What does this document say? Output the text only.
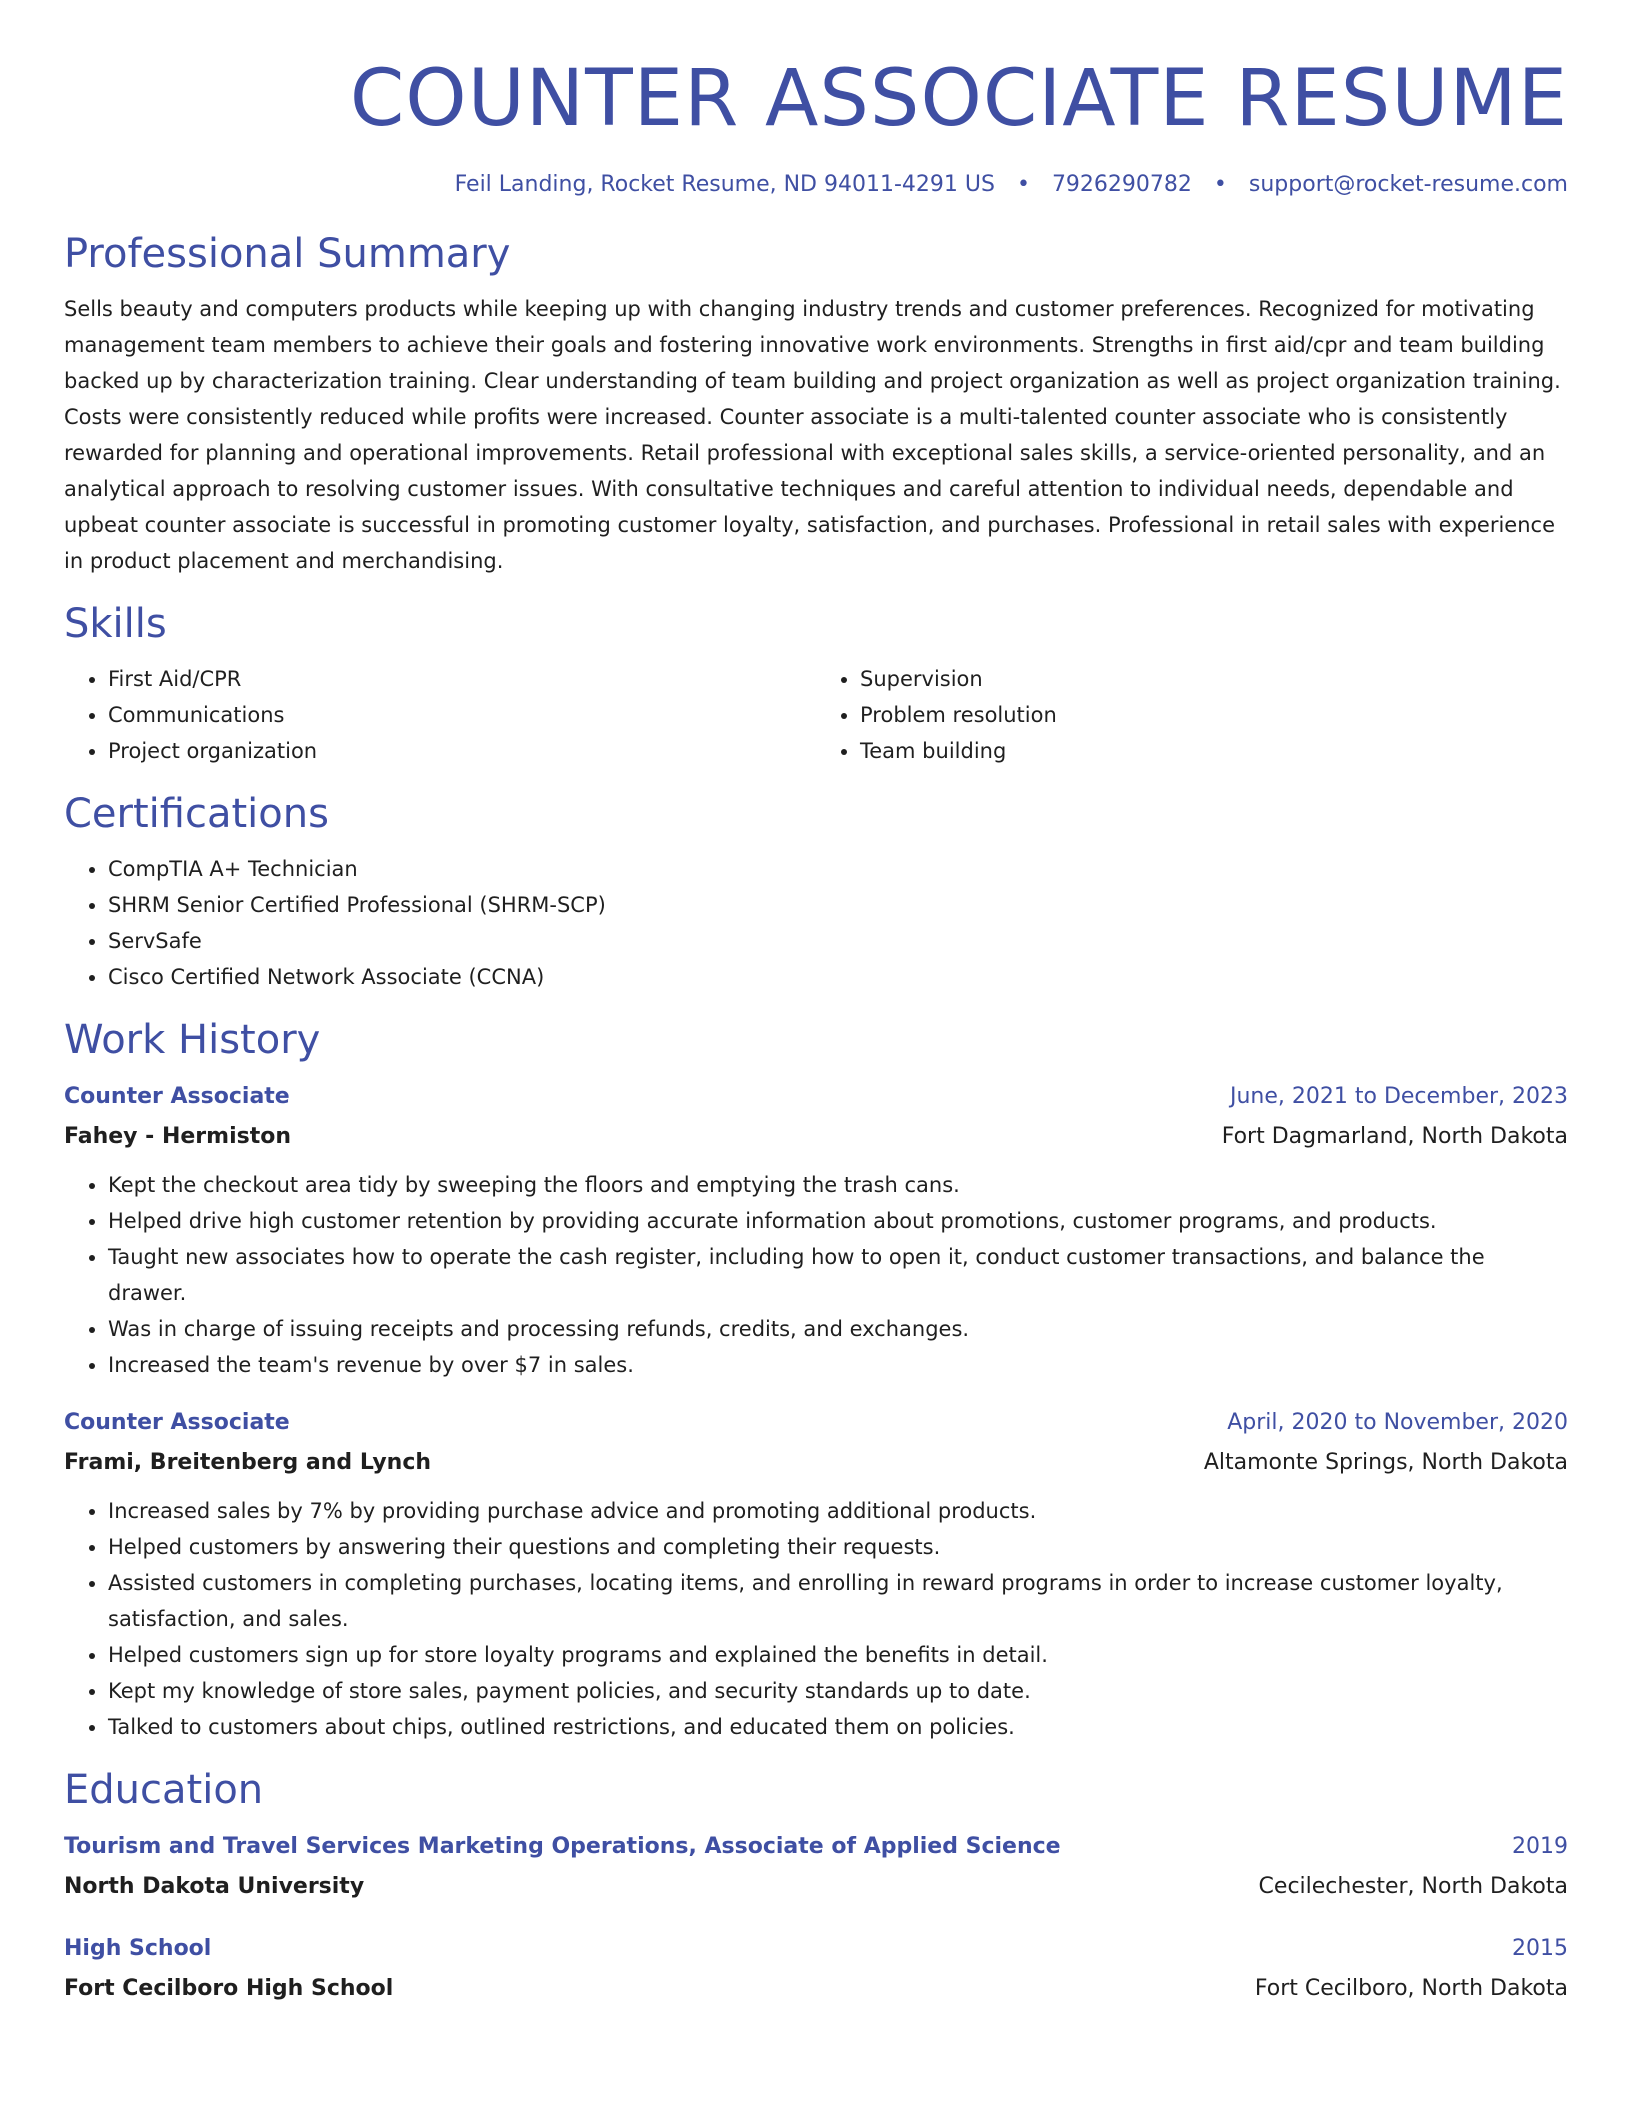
COUNTER ASSOCIATE RESUME
Feil Landing, Rocket Resume, ND 94011-4291 US • 7926290782 • support@rocket-resume.com
Professional Summary

Sells beauty and computers products while keeping up with changing industry trends and customer preferences. Recognized for motivating management team members to achieve their goals and fostering innovative work environments. Strengths in first aid/cpr and team building backed up by characterization training. Clear understanding of team building and project organization as well as project organization training. Costs were consistently reduced while profits were increased. Counter associate is a multi-talented counter associate who is consistently rewarded for planning and operational improvements. Retail professional with exceptional sales skills, a service-oriented personality, and an analytical approach to resolving customer issues. With consultative techniques and careful attention to individual needs, dependable and upbeat counter associate is successful in promoting customer loyalty, satisfaction, and purchases. Professional in retail sales with experience in product placement and merchandising.

Skills
• First Aid/CPR
• Communications
• Project organization
• Supervision
• Problem resolution
• Team building
Certifications
• CompTIA A+ Technician
• SHRM Senior Certified Professional (SHRM-SCP)
• ServSafe
• Cisco Certified Network Associate (CCNA)
Work History
Counter Associate	June, 2021 to December, 2023
Fahey - Hermiston	Fort Dagmarland, North Dakota
• Kept the checkout area tidy by sweeping the floors and emptying the trash cans.
• Helped drive high customer retention by providing accurate information about promotions, customer programs, and products.
• Taught new associates how to operate the cash register, including how to open it, conduct customer transactions, and balance the drawer.
• Was in charge of issuing receipts and processing refunds, credits, and exchanges.
• Increased the team's revenue by over $7 in sales.
Counter Associate	April, 2020 to November, 2020
Frami, Breitenberg and Lynch	Altamonte Springs, North Dakota
• Increased sales by 7% by providing purchase advice and promoting additional products.
• Helped customers by answering their questions and completing their requests.
• Assisted customers in completing purchases, locating items, and enrolling in reward programs in order to increase customer loyalty, satisfaction, and sales.
• Helped customers sign up for store loyalty programs and explained the benefits in detail.
• Kept my knowledge of store sales, payment policies, and security standards up to date.
• Talked to customers about chips, outlined restrictions, and educated them on policies.
Education
Tourism and Travel Services Marketing Operations, Associate of Applied Science	2019
North Dakota University	Cecilechester, North Dakota
High School	2015
Fort Cecilboro High School	Fort Cecilboro, North Dakota
